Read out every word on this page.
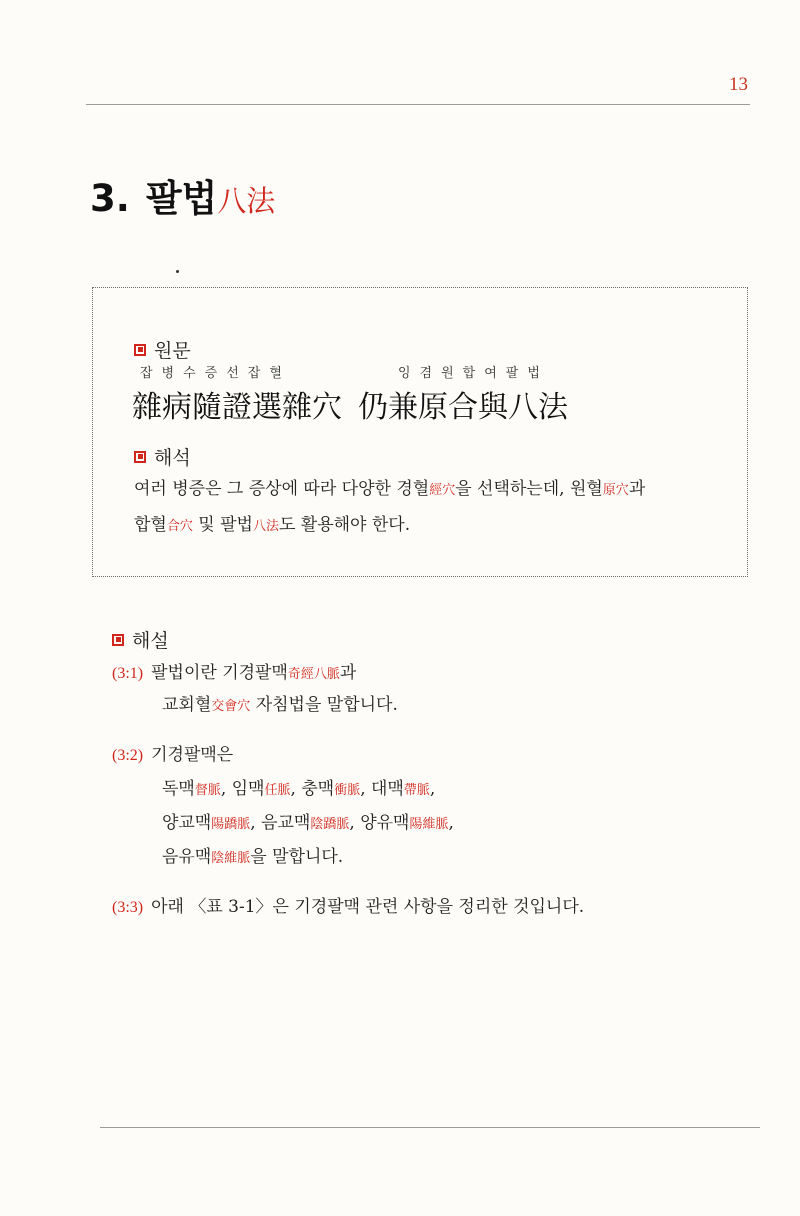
13
3. 팔법八法
원문
잡병수증선잡혈	잉겸원합여팔법
雜病隨證選雜穴 仍兼原合與八法
해석
여러 병증은 그 증상에 따라 다양한 경혈經穴을 선택하는데, 원혈原穴과
합혈合穴 및 팔법八法도 활용해야 한다.
해설
(3:1) 팔법이란 기경팔맥奇經八脈과
교회혈交會穴 자침법을 말합니다.
(3:2) 기경팔맥은
독맥督脈, 임맥任脈, 충맥衝脈, 대맥帶脈,
양교맥陽蹻脈, 음교맥陰蹻脈, 양유맥陽維脈,
음유맥陰維脈을 말합니다.
(3:3) 아래 〈표 3-1〉은 기경팔맥 관련 사항을 정리한 것입니다.
